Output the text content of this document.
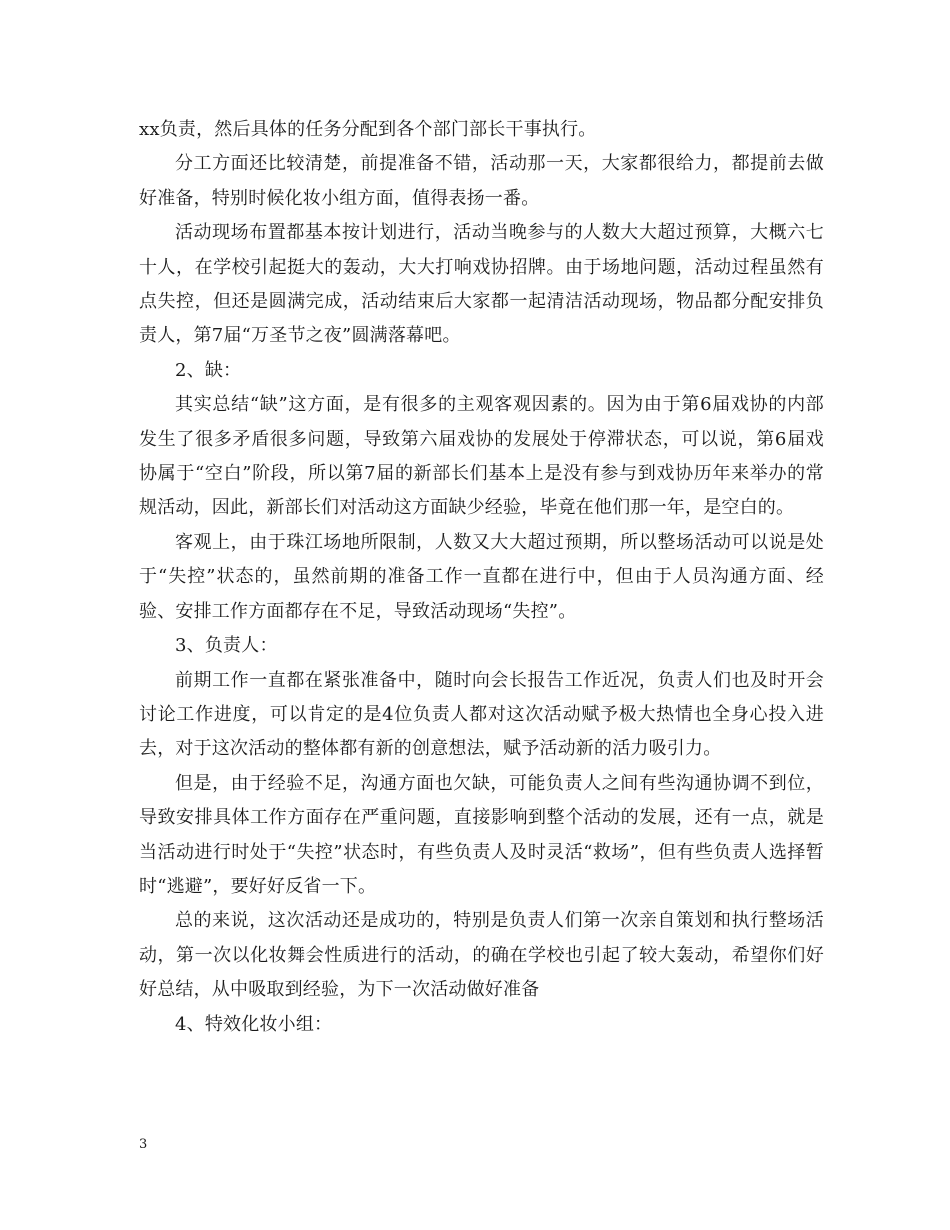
xx负责，然后具体的任务分配到各个部门部长干事执行。

分工方面还比较清楚，前提准备不错，活动那一天，大家都很给力，都提前去做好准备，特别时候化妆小组方面，值得表扬一番。

活动现场布置都基本按计划进行，活动当晚参与的人数大大超过预算，大概六七十人，在学校引起挺大的轰动，大大打响戏协招牌。由于场地问题，活动过程虽然有点失控，但还是圆满完成，活动结束后大家都一起清洁活动现场，物品都分配安排负责人，第7届“万圣节之夜”圆满落幕吧。

2、缺：

其实总结“缺”这方面，是有很多的主观客观因素的。因为由于第6届戏协的内部发生了很多矛盾很多问题，导致第六届戏协的发展处于停滞状态，可以说，第6届戏协属于“空白”阶段，所以第7届的新部长们基本上是没有参与到戏协历年来举办的常规活动，因此，新部长们对活动这方面缺少经验，毕竟在他们那一年，是空白的。

客观上，由于珠江场地所限制，人数又大大超过预期，所以整场活动可以说是处于“失控”状态的，虽然前期的准备工作一直都在进行中，但由于人员沟通方面、经验、安排工作方面都存在不足，导致活动现场“失控”。

3、负责人：

前期工作一直都在紧张准备中，随时向会长报告工作近况，负责人们也及时开会讨论工作进度，可以肯定的是4位负责人都对这次活动赋予极大热情也全身心投入进去，对于这次活动的整体都有新的创意想法，赋予活动新的活力吸引力。

但是，由于经验不足，沟通方面也欠缺，可能负责人之间有些沟通协调不到位，导致安排具体工作方面存在严重问题，直接影响到整个活动的发展，还有一点，就是当活动进行时处于“失控”状态时，有些负责人及时灵活“救场”，但有些负责人选择暂时“逃避”，要好好反省一下。

总的来说，这次活动还是成功的，特别是负责人们第一次亲自策划和执行整场活动，第一次以化妆舞会性质进行的活动，的确在学校也引起了较大轰动，希望你们好好总结，从中吸取到经验，为下一次活动做好准备

4、特效化妆小组：

3
